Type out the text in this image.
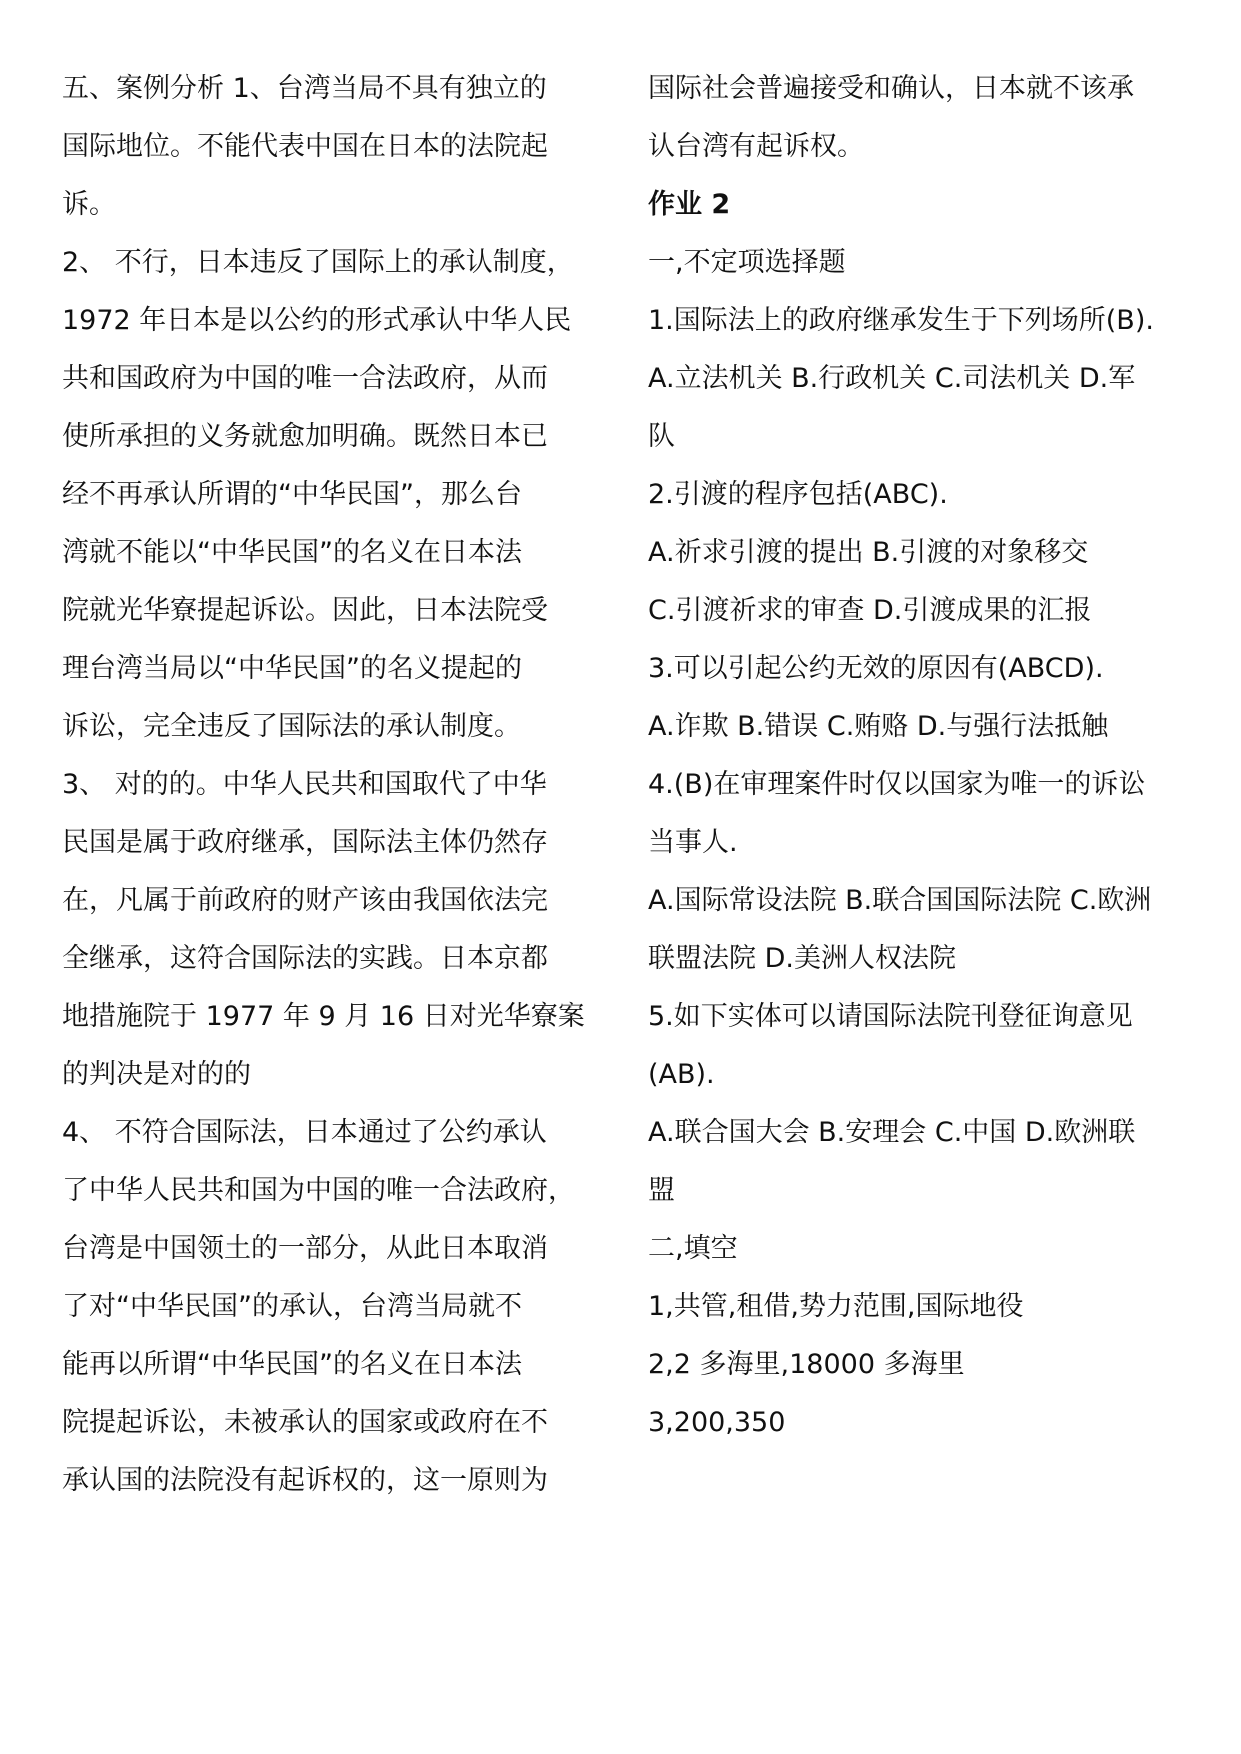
五、案例分析 1、台湾当局不具有独立的
国际地位。不能代表中国在日本的法院起
诉。
2、 不行，日本违反了国际上的承认制度，
1972 年日本是以公约的形式承认中华人民
共和国政府为中国的唯一合法政府，从而
使所承担的义务就愈加明确。既然日本已
经不再承认所谓的“中华民国”，那么台
湾就不能以“中华民国”的名义在日本法
院就光华寮提起诉讼。因此，日本法院受
理台湾当局以“中华民国”的名义提起的
诉讼，完全违反了国际法的承认制度。
3、 对的的。中华人民共和国取代了中华
民国是属于政府继承，国际法主体仍然存
在，凡属于前政府的财产该由我国依法完
全继承，这符合国际法的实践。日本京都
地措施院于 1977 年 9 月 16 日对光华寮案
的判决是对的的
4、 不符合国际法，日本通过了公约承认
了中华人民共和国为中国的唯一合法政府，
台湾是中国领土的一部分，从此日本取消
了对“中华民国”的承认，台湾当局就不
能再以所谓“中华民国”的名义在日本法
院提起诉讼，未被承认的国家或政府在不
承认国的法院没有起诉权的，这一原则为
国际社会普遍接受和确认，日本就不该承
认台湾有起诉权。
作业 2
一,不定项选择题
1.国际法上的政府继承发生于下列场所(B).
A.立法机关 B.行政机关 C.司法机关 D.军
队
2.引渡的程序包括(ABC).
A.祈求引渡的提出 B.引渡的对象移交
C.引渡祈求的审查 D.引渡成果的汇报
3.可以引起公约无效的原因有(ABCD).
A.诈欺 B.错误 C.贿赂 D.与强行法抵触
4.(B)在审理案件时仅以国家为唯一的诉讼
当事人.
A.国际常设法院 B.联合国国际法院 C.欧洲
联盟法院 D.美洲人权法院
5.如下实体可以请国际法院刊登征询意见
(AB).
A.联合国大会 B.安理会 C.中国 D.欧洲联
盟
二,填空
1,共管,租借,势力范围,国际地役
2,2 多海里,18000 多海里
3,200,350
